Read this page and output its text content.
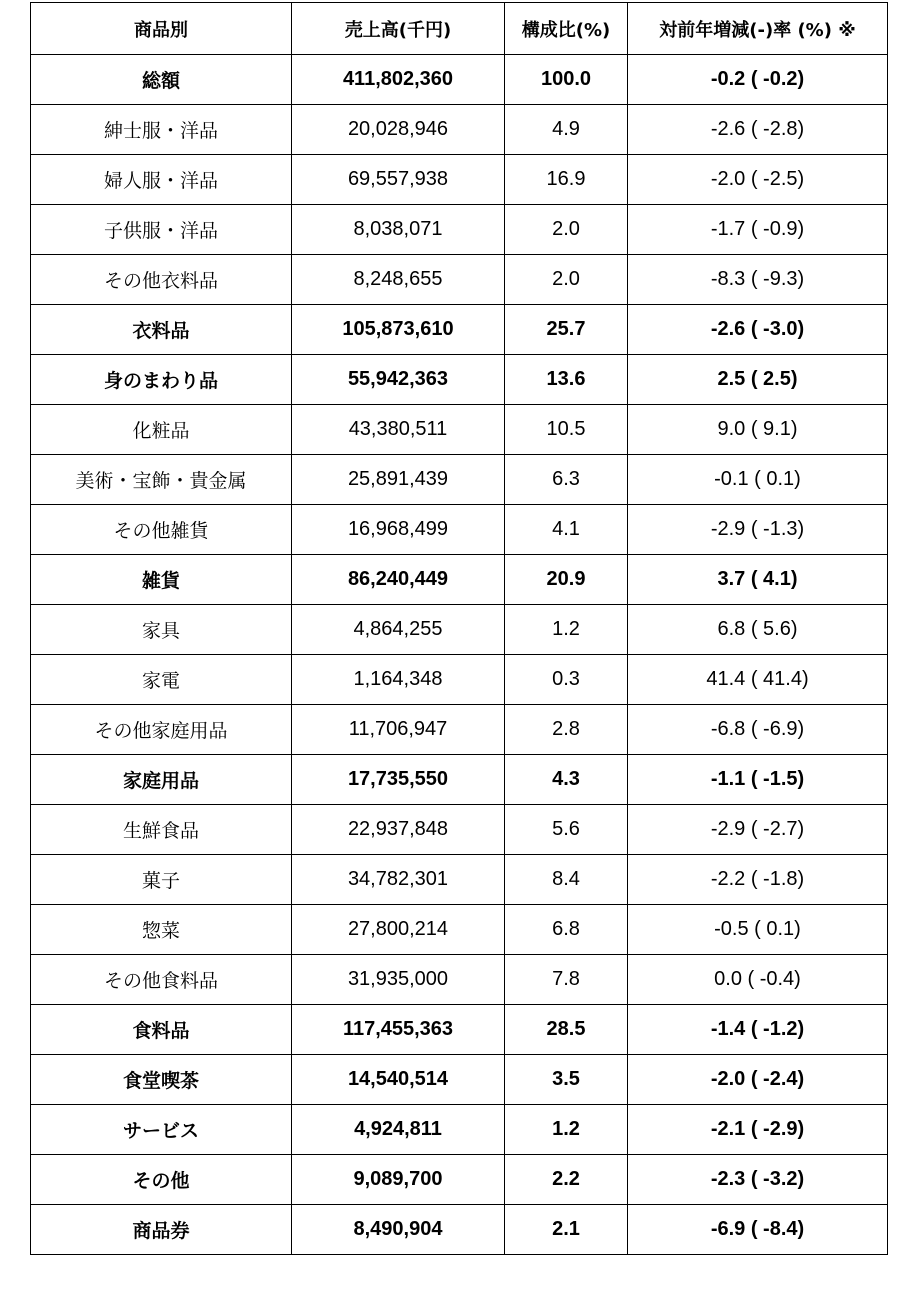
商品別	売上高(千円)	構成比(%)	対前年増減(-)率 (%) ※
総額	411,802,360	100.0	-0.2 ( -0.2)
紳士服・洋品	20,028,946	4.9	-2.6 ( -2.8)
婦人服・洋品	69,557,938	16.9	-2.0 ( -2.5)
子供服・洋品	8,038,071	2.0	-1.7 ( -0.9)
その他衣料品	8,248,655	2.0	-8.3 ( -9.3)
衣料品	105,873,610	25.7	-2.6 ( -3.0)
身のまわり品	55,942,363	13.6	2.5 ( 2.5)
化粧品	43,380,511	10.5	9.0 ( 9.1)
美術・宝飾・貴金属	25,891,439	6.3	-0.1 ( 0.1)
その他雑貨	16,968,499	4.1	-2.9 ( -1.3)
雑貨	86,240,449	20.9	3.7 ( 4.1)
家具	4,864,255	1.2	6.8 ( 5.6)
家電	1,164,348	0.3	41.4 ( 41.4)
その他家庭用品	11,706,947	2.8	-6.8 ( -6.9)
家庭用品	17,735,550	4.3	-1.1 ( -1.5)
生鮮食品	22,937,848	5.6	-2.9 ( -2.7)
菓子	34,782,301	8.4	-2.2 ( -1.8)
惣菜	27,800,214	6.8	-0.5 ( 0.1)
その他食料品	31,935,000	7.8	0.0 ( -0.4)
食料品	117,455,363	28.5	-1.4 ( -1.2)
食堂喫茶	14,540,514	3.5	-2.0 ( -2.4)
サービス	4,924,811	1.2	-2.1 ( -2.9)
その他	9,089,700	2.2	-2.3 ( -3.2)
商品券	8,490,904	2.1	-6.9 ( -8.4)
